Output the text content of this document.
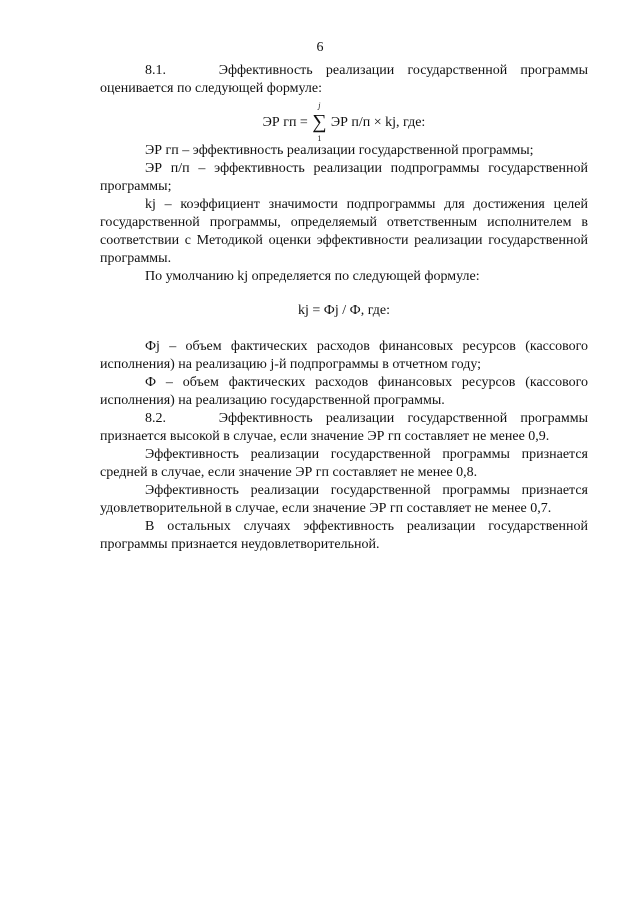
6

8.1.    Эффективность реализации государственной программы оценивается по следующей формуле:

ЭР гп =
j
∑
1
ЭР п/п × kj, где:

ЭР гп – эффективность реализации государственной программы;

ЭР п/п – эффективность реализации подпрограммы государственной программы;

kj – коэффициент значимости подпрограммы для достижения целей государственной программы, определяемый ответственным исполнителем в соответствии с Методикой оценки эффективности реализации государственной программы.

По умолчанию kj определяется по следующей формуле:

kj = Фj / Ф, где:

Фj – объем фактических расходов финансовых ресурсов (кассового исполнения) на реализацию j-й подпрограммы в отчетном году;

Ф – объем фактических расходов финансовых ресурсов (кассового исполнения) на реализацию государственной программы.

8.2.    Эффективность реализации государственной программы признается высокой в случае, если значение ЭР гп составляет не менее 0,9.

Эффективность реализации государственной программы признается средней в случае, если значение ЭР гп составляет не менее 0,8.

Эффективность реализации государственной программы признается удовлетворительной в случае, если значение ЭР гп составляет не менее 0,7.

В остальных случаях эффективность реализации государственной программы признается неудовлетворительной.
